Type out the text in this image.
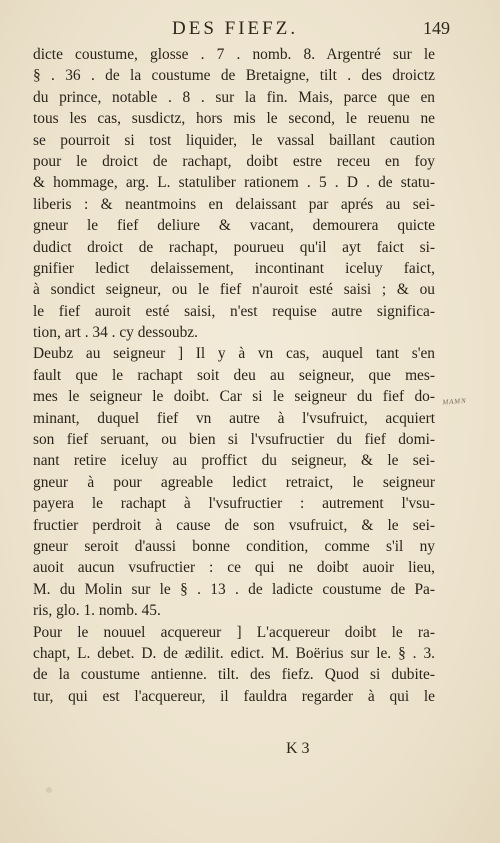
DES FIEFZ.	149
dicte coustume, glosse . 7 . nomb. 8. Argentré sur le
§ . 36 . de la coustume de Bretaigne, tilt . des droictz
du prince, notable . 8 . sur la fin. Mais, parce que en
tous les cas, susdictz, hors mis le second, le reuenu ne
se pourroit si tost liquider, le vassal baillant caution
pour le droict de rachapt, doibt estre receu en foy
& hommage, arg. L. statuliber rationem . 5 . D . de statu-
liberis : & neantmoins en delaissant par aprés au sei-
gneur le fief deliure & vacant, demourera quicte
dudict droict de rachapt, pourueu qu'il ayt faict si-
gnifier ledict delaissement, incontinant iceluy faict,
à sondict seigneur, ou le fief n'auroit esté saisi ; & ou
le fief auroit esté saisi, n'est requise autre significa-
tion, art . 34 . cy dessoubz.
Deubz au seigneur ] Il y à vn cas, auquel tant s'en
fault que le rachapt soit deu au seigneur, que mes-
mes le seigneur le doibt. Car si le seigneur du fief do-
minant, duquel fief vn autre à l'vsufruict, acquiert
son fief seruant, ou bien si l'vsufructier du fief domi-
nant retire iceluy au proffict du seigneur, & le sei-
gneur à pour agreable ledict retraict, le seigneur
payera le rachapt à l'vsufructier : autrement l'vsu-
fructier perdroit à cause de son vsufruict, & le sei-
gneur seroit d'aussi bonne condition, comme s'il ny
auoit aucun vsufructier : ce qui ne doibt auoir lieu,
M. du Molin sur le § . 13 . de ladicte coustume de Pa-
ris, glo. 1. nomb. 45.
Pour le nouuel acquereur ] L'acquereur doibt le ra-
chapt, L. debet. D. de ædilit. edict. M. Boërius sur le. § . 3.
de la coustume antienne. tilt. des fiefz. Quod si dubite-
tur, qui est l'acquereur, il fauldra regarder à qui le
ᴹᴬᴹᴺ
K 3
